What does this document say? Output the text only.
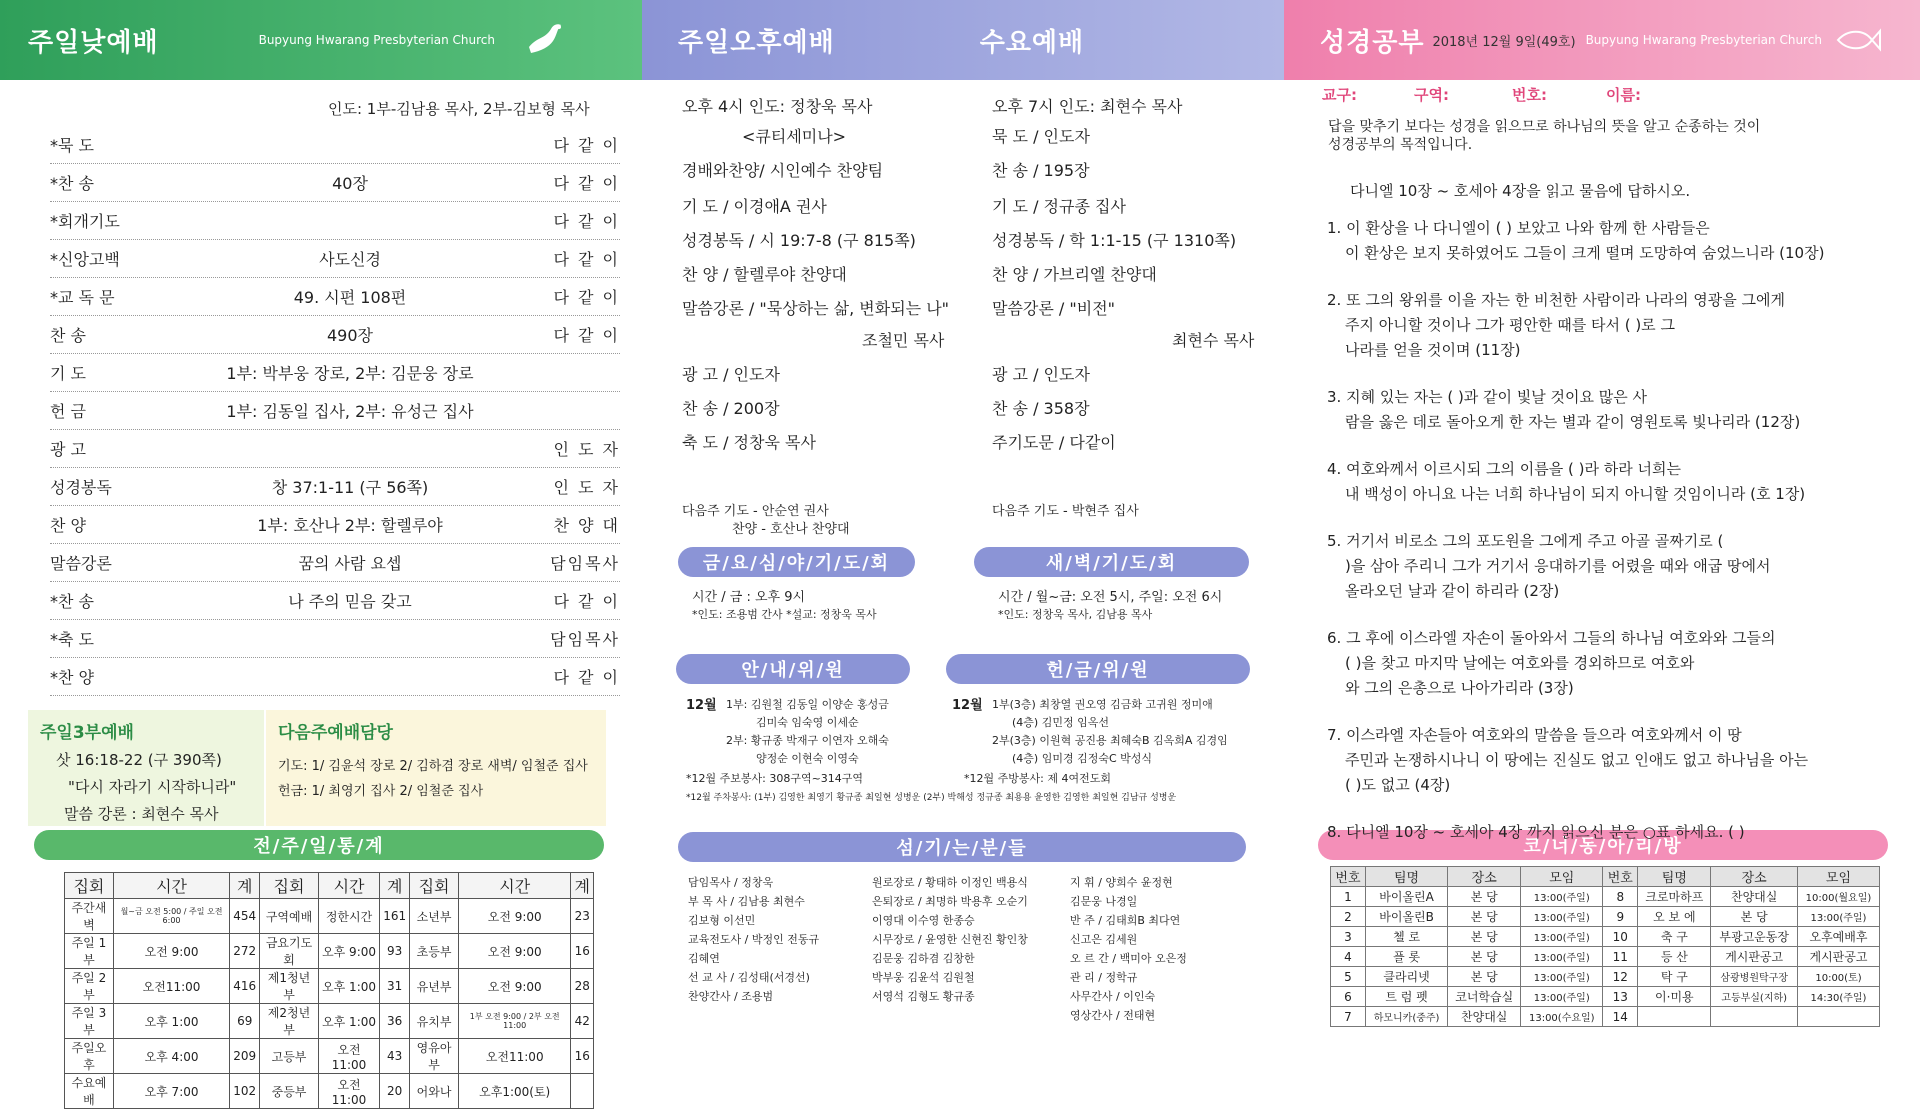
주일낮예배	Bupyung Hwarang Presbyterian Church
인도: 1부-김남용 목사, 2부-김보형 목사
*묵 도	다 같 이
*찬 송	40장	다 같 이
*회개기도	다 같 이
*신앙고백	사도신경	다 같 이
*교 독 문	49. 시편 108편	다 같 이
찬 송	490장	다 같 이
기 도	1부: 박부웅 장로, 2부: 김문웅 장로
헌 금	1부: 김동일 집사, 2부: 유성근 집사
광 고	인 도 자
성경봉독	창 37:1-11 (구 56쪽)	인 도 자
찬 양	1부: 호산나 2부: 할렐루야	찬 양 대
말씀강론	꿈의 사람 요셉	담임목사
*찬 송	나 주의 믿음 갖고	다 같 이
*축 도	담임목사
*찬 양	다 같 이
주일3부예배
삿 16:18-22 (구 390쪽)
"다시 자라기 시작하니라"
말씀 강론 : 최현수 목사
다음주예배담당
기도: 1/ 김윤석 장로 2/ 김하겸 장로 새벽/ 임철준 집사
헌금: 1/ 최영기 집사 2/ 임철준 집사
전/주/일/통/계
집회	시간	계	집회	시간	계	집회	시간	계
주간새벽	월~금 오전 5:00 / 주일 오전 6:00	454	구역예배	정한시간	161	소년부	오전 9:00	23
주일 1부	오전 9:00	272	금요기도회	오후 9:00	93	초등부	오전 9:00	16
주일 2부	오전11:00	416	제1청년부	오후 1:00	31	유년부	오전 9:00	28
주일 3부	오후 1:00	69	제2청년부	오후 1:00	36	유치부	1부 오전 9:00 / 2부 오전 11:00	42
주일오후	오후 4:00	209	고등부	오전11:00	43	영유아부	오전11:00	16
수요예배	오후 7:00	102	중등부	오전11:00	20	어와나	오후1:00(토)	
주일오후예배	수요예배
오후 4시 인도: 정창욱 목사
<큐티세미나>
경배와찬양/ 시인예수 찬양팀
기 도 / 이경애A 권사
성경봉독 / 시 19:7-8 (구 815쪽)
찬 양 / 할렐루야 찬양대
말씀강론 / "묵상하는 삶, 변화되는 나"
조철민 목사
광 고 / 인도자
찬 송 / 200장
축 도 / 정창욱 목사
오후 7시 인도: 최현수 목사
묵 도 / 인도자
찬 송 / 195장
기 도 / 정규종 집사
성경봉독 / 학 1:1-15 (구 1310쪽)
찬 양 / 가브리엘 찬양대
말씀강론 / "비전"
최현수 목사
광 고 / 인도자
찬 송 / 358장
주기도문 / 다같이
다음주 기도 - 안순연 권사
찬양 - 호산나 찬양대
다음주 기도 - 박현주 집사
금/요/심/야/기/도/회
시간 / 금 : 오후 9시
*인도: 조용범 간사 *설교: 정창욱 목사
새/벽/기/도/회
시간 / 월~금: 오전 5시, 주일: 오전 6시
*인도: 정창욱 목사, 김남용 목사
안/내/위/원
12월 1부: 김원철 김동일 이양순 홍성금
김미숙 임숙영 이세순
2부: 황규종 박재구 이연자 오해숙
양정순 이현숙 이영숙
*12월 주보봉사: 308구역~314구역
헌/금/위/원
12월 1부(3층) 최창열 권오영 김금화 고귀원 정미애
(4층) 김민정 임옥선
2부(3층) 이원혁 공진용 최혜숙B 김옥희A 김경임
(4층) 임미경 김정숙C 박성식
*12월 주방봉사: 제 4여전도회
*12월 주차봉사: (1부) 김영한 최영기 황규종 최일현 성병운 (2부) 박해성 정규종 최용용 윤영한 김영한 최일현 김남규 성병운
섬/기/는/분/들
담임목사 / 정창욱
부 목 사 / 김남용 최현수
김보형 이선민
교육전도사 / 박정인 전동규
김혜연
선 교 사 / 김성태(서경선)
찬양간사 / 조용범
원로장로 / 황태하 이정인 백용식
은퇴장로 / 최명하 박용후 오순기
이영대 이수영 한종승
시무장로 / 윤영한 신현진 황인창
김문웅 김하겸 김창한
박부웅 김윤석 김원철
서영석 김형도 황규종
지 휘 / 양희수 윤정현
김문웅 나경일
반 주 / 김태희B 최다연
신고은 김세원
오 르 간 / 백미아 오은정
관 리 / 정학규
사무간사 / 이인숙
영상간사 / 전태현
성경공부 2018년 12월 9일(49호) Bupyung Hwarang Presbyterian Church
교구:	구역:	번호:	이름:
답을 맞추기 보다는 성경을 읽으므로 하나님의 뜻을 알고 순종하는 것이
성경공부의 목적입니다.
다니엘 10장 ~ 호세아 4장을 읽고 물음에 답하시오.
코/너/동/아/리/방
번호	팀명	장소	모임	번호	팀명	장소	모임
1	바이올린A	본 당	13:00(주일)	8	크로마하프	찬양대실	10:00(월요일)
2	바이올린B	본 당	13:00(주일)	9	오 보 에	본 당	13:00(주일)
3	첼 로	본 당	13:00(주일)	10	축 구	부광고운동장	오후예배후
4	플 롯	본 당	13:00(주일)	11	등 산	게시판공고	게시판공고
5	클라리넷	본 당	13:00(주일)	12	탁 구	삼광병원탁구장	10:00(토)
6	트 럼 펫	코너학습실	13:00(주일)	13	이·미용	고등부실(지하)	14:30(주일)
7	하모니카(중주)	찬양대실	13:00(수요일)	14			
1. 이 환상을 나 다니엘이 ( ) 보았고 나와 함께 한 사람들은
이 환상은 보지 못하였어도 그들이 크게 떨며 도망하여 숨었느니라 (10장)
2. 또 그의 왕위를 이을 자는 한 비천한 사람이라 나라의 영광을 그에게
주지 아니할 것이나 그가 평안한 때를 타서 ( )로 그
나라를 얻을 것이며 (11장)
3. 지혜 있는 자는 ( )과 같이 빛날 것이요 많은 사
람을 옳은 데로 돌아오게 한 자는 별과 같이 영원토록 빛나리라 (12장)
4. 여호와께서 이르시되 그의 이름을 ( )라 하라 너희는
내 백성이 아니요 나는 너희 하나님이 되지 아니할 것임이니라 (호 1장)
5. 거기서 비로소 그의 포도원을 그에게 주고 아골 골짜기로 (
)을 삼아 주리니 그가 거기서 응대하기를 어렸을 때와 애굽 땅에서
올라오던 날과 같이 하리라 (2장)
6. 그 후에 이스라엘 자손이 돌아와서 그들의 하나님 여호와와 그들의
( )을 찾고 마지막 날에는 여호와를 경외하므로 여호와
와 그의 은총으로 나아가리라 (3장)
7. 이스라엘 자손들아 여호와의 말씀을 들으라 여호와께서 이 땅
주민과 논쟁하시나니 이 땅에는 진실도 없고 인애도 없고 하나님을 아는
( )도 없고 (4장)
8. 다니엘 10장 ~ 호세아 4장 까지 읽으신 분은 ○표 하세요. ( )
